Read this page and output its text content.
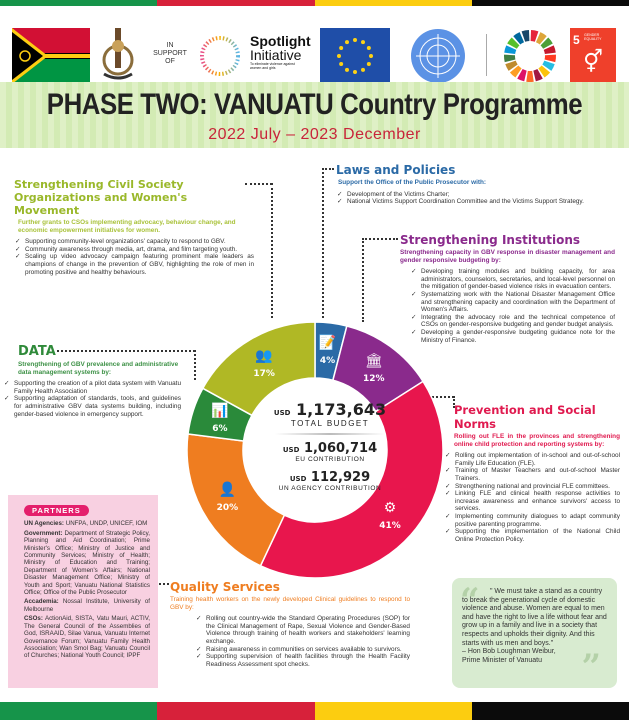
IN
SUPPORT
OF
Spotlight
Initiative
To eliminate violence against women and girls
5 GENDER EQUALITY
⚥
PHASE TWO: VANUATU Country Programme
2022 July – 2023 December
Strengthening Civil Society Organizations and Women's Movement
Further grants to CSOs implementing advocacy, behaviour change, and economic empowerment initiatives for women.
✓ Supporting community-level organizations' capacity to respond to GBV.
✓ Community awareness through media, art, drama, and film targeting youth.
✓ Scaling up video advocacy campaign featuring prominent male leaders as champions of change in the prevention of GBV, highlighting the role of men in promoting positive and healthy behaviours.
Laws and Policies
Support the Office of the Public Prosecutor with:
✓ Development of the Victims Charter;
✓ National Victims Support Coordination Committee and the Victims Support Strategy.
Strengthening Institutions
Strengthening capacity in GBV response in disaster management and gender responsive budgeting by:
✓ Developing training modules and building capacity, for area administrators, counselors, secretaries, and local-level personnel on the mitigation of gender-based violence risks in evacuation centers.
✓ Systematizing work with the National Disaster Management Office and strengthening capacity and coordination with the Department of Women's Affairs.
✓ Integrating the advocacy role and the technical competence of CSOs on gender-responsive budgeting and gender budget analysis.
✓ Developing a gender-responsive budgeting guidance note for the Ministry of Finance.
DATA
Strengthening of GBV prevalence and administrative data management systems by:
✓ Supporting the creation of a pilot data system with Vanuatu Family Health Association
✓ Supporting adaptation of standards, tools, and guidelines for administrative GBV data systems building, including gender-based violence in emergency support.	Prevention and Social Norms
Rolling out FLE in the provinces and strengthening online child protection and reporting systems by:
✓ Rolling out implementation of in-school and out-of-school Family Life Education (FLE).
✓ Training of Master Teachers and out-of-school Master Trainers.
✓ Strengthening national and provincial FLE committees.
✓ Linking FLE and clinical health response activities to increase awareness and enhance survivors' access to services.
✓ Implementing community dialogues to adapt community positive parenting programme.
✓ Supporting the implementation of the National Child Online Protection Policy.
Quality Services
Training health workers on the newly developed Clinical guidelines to respond to GBV by:
✓ Rolling out country-wide the Standard Operating Procedures (SOP) for the Clinical Management of Rape, Sexual Violence and Gender-Based Violence through training of health workers and stakeholders' learning exchange.
✓ Raising awareness in communities on services available to survivors.
✓ Supporting supervision of health facilities through the Health Facility Readiness Assessment spot checks.
📝
4% 🏛
12%
⚙
41%
👤
20%
📊
6%
👥
17%
USD 1,173,643
TOTAL BUDGET
USD 1,060,714
EU CONTRIBUTION
USD 112,929
UN AGENCY CONTRIBUTION
PARTNERS

UN Agencies: UNFPA, UNDP, UNICEF, IOM

Government: Department of Strategic Policy, Planning and Aid Coordination; Prime Minister's Office; Ministry of Justice and Community Services; Ministry of Health; Ministry of Education and Training; Department of Women's Affairs; National Disaster Management Office; Ministry of Youth and Sport; Vanuatu National Statistics Office; Office of the Public Prosecutor

Accademia: Nossal Institute, University of Melbourne

CSOs: ActionAid, SISTA, Vatu Mauri, ACTIV, The General Council of the Assemblies of God, ISRAAID, Silae Vanua, Vanuatu Internet Governance Forum; Vanuatu Family Health Association; Wan Smol Bag; Vanuatu Council of Churches; National Youth Council; IPPF

“
”
" We must take a stand as a country to break the generational cycle of domestic violence and abuse. Women are equal to men and have the right to live a life without fear and grow up in a family and live in a society that respects and upholds their dignity. And this starts with us men and boys."
– Hon Bob Loughman Weibur,
Prime Minister of Vanuatu
